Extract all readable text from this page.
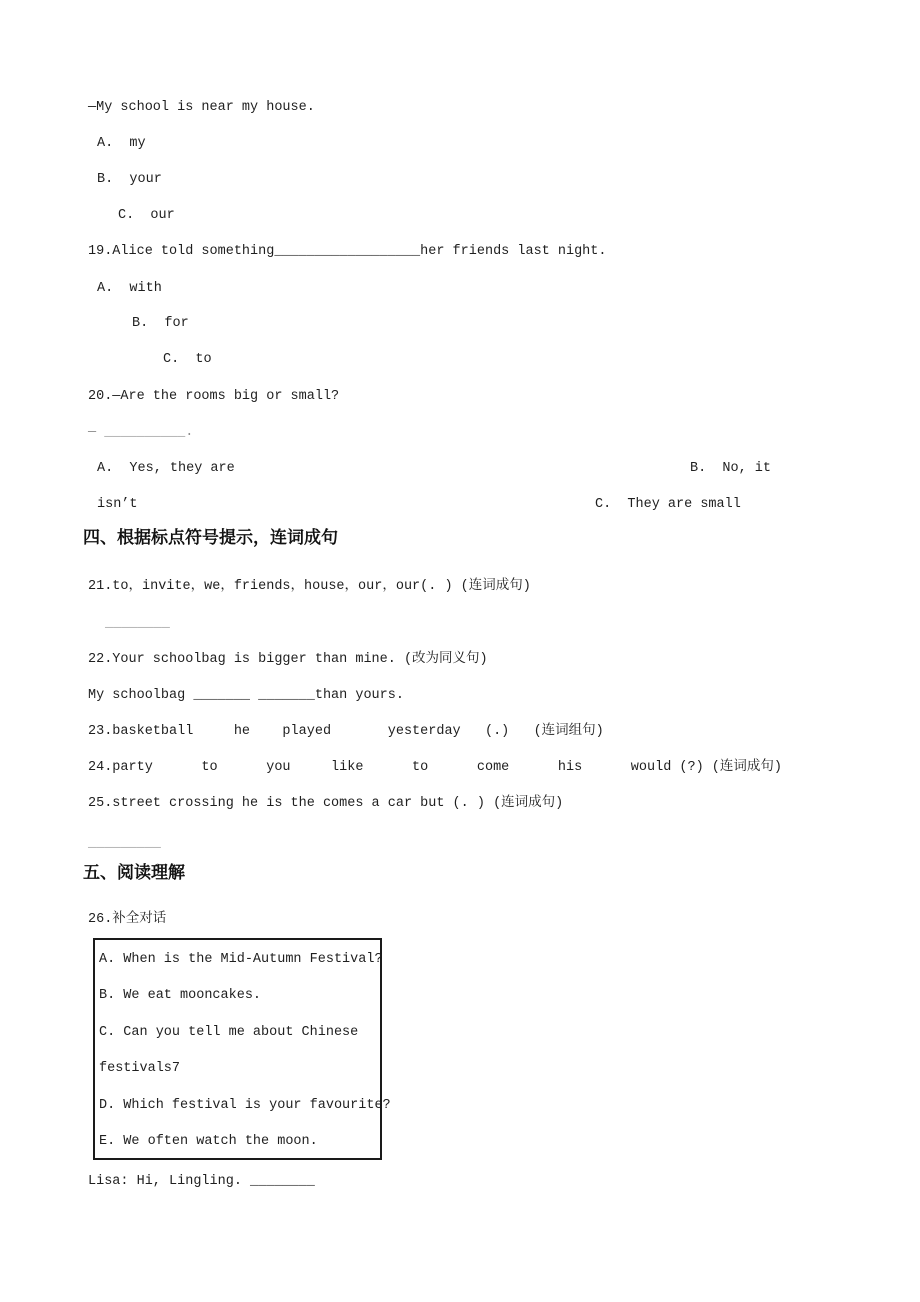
—My school is near my house.
A.  my
B.  your
C.  our
19.Alice told something__________________her friends last night.
A.  with
B.  for
C.  to
20.—Are the rooms big or small?
— __________.
A.  Yes, they are	B.  No, it
isn’t	C.  They are small
四、根据标点符号提示，连词成句
21.to，invite，we，friends，house，our，our(. ) (连词成句)
________
22.Your schoolbag is bigger than mine. (改为同义句)
My schoolbag _______ _______than yours.
23.basketball     he    played       yesterday   (.)   (连词组句)
24.party      to      you     like      to      come      his      would (?) (连词成句)
25.street crossing he is the comes a car but (. ) (连词成句)
_________
五、阅读理解
26.补全对话
A. When is the Mid-Autumn Festival?
B. We eat mooncakes.
C. Can you tell me about Chinese
festivals7
D. Which festival is your favourite?
E. We often watch the moon.
Lisa: Hi, Lingling. ________
